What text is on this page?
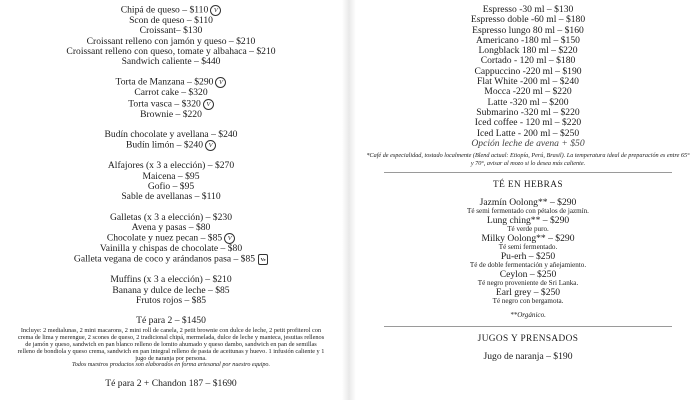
Chipá de queso – $110 V
Scon de queso – $110
Croissant– $130
Croissant relleno con jamón y queso – $210
Croissant relleno con queso, tomate y albahaca – $210
Sandwich caliente – $440
Torta de Manzana – $290 V
Carrot cake – $320
Torta vasca – $320 V
Brownie – $220
Budín chocolate y avellana – $240
Budín limón – $240 V
Alfajores (x 3 a elección) – $270
Maicena – $95
Gofio – $95
Sable de avellanas – $110
Galletas (x 3 a elección) – $230
Avena y pasas – $80
Chocolate y nuez pecan – $85 V
Vainilla y chispas de chocolate – $80
Galleta vegana de coco y arándanos pasa – $85 Ve
Muffins (x 3 a elección) – $210
Banana y dulce de leche – $85
Frutos rojos – $85
Té para 2 – $1450
Incluye: 2 medialunas, 2 mini macarons, 2 mini roll de canela, 2 petit brownie con dulce de leche, 2 petit profiterol con crema de lima y merengue, 2 scones de queso, 2 tradicional chipá, mermelada, dulce de leche y manteca, jesuitas rellenos de jamón y queso, sandwich en pan blanco relleno de lomito ahumado y queso dambo, sandwich en pan de semillas relleno de bondiola y queso crema, sandwich en pan integral relleno de pasta de aceitunas y huevo. 1 infusión caliente y 1 jugo de naranja por persona.
Todos nuestros productos son elaborados en forma artesanal por nuestro equipo.
Té para 2 + Chandon 187 – $1690
Espresso -30 ml – $130
Espresso doble -60 ml – $180
Espresso lungo 80 ml – $160
Americano -180 ml – $150
Longblack 180 ml – $220
Cortado - 120 ml – $180
Cappuccino -220 ml – $190
Flat White -200 ml – $240
Mocca -220 ml – $220
Latte -320 ml – $200
Submarino -320 ml – $220
Iced coffee - 120 ml – $220
Iced Latte - 200 ml – $250
Opción leche de avena + $50
*Café de especialidad, tostado localmente (Blend actual: Etiopía, Perú, Brasil). La temperatura ideal de preparación es entre 65° y 70°, avisar al mozo si lo desea más caliente.
TÉ EN HEBRAS
Jazmín Oolong** – $290
Té semi fermentado con pétalos de jazmín.
Lung ching** – $290
Té verde puro.
Milky Oolong** – $290
Té semi fermentado.
Pu-erh – $250
Té de doble fermentación y añejamiento.
Ceylon – $250
Té negro proveniente de Sri Lanka.
Earl grey – $250
Té negro con bergamota.
**Orgánico.
JUGOS Y PRENSADOS
Jugo de naranja – $190
